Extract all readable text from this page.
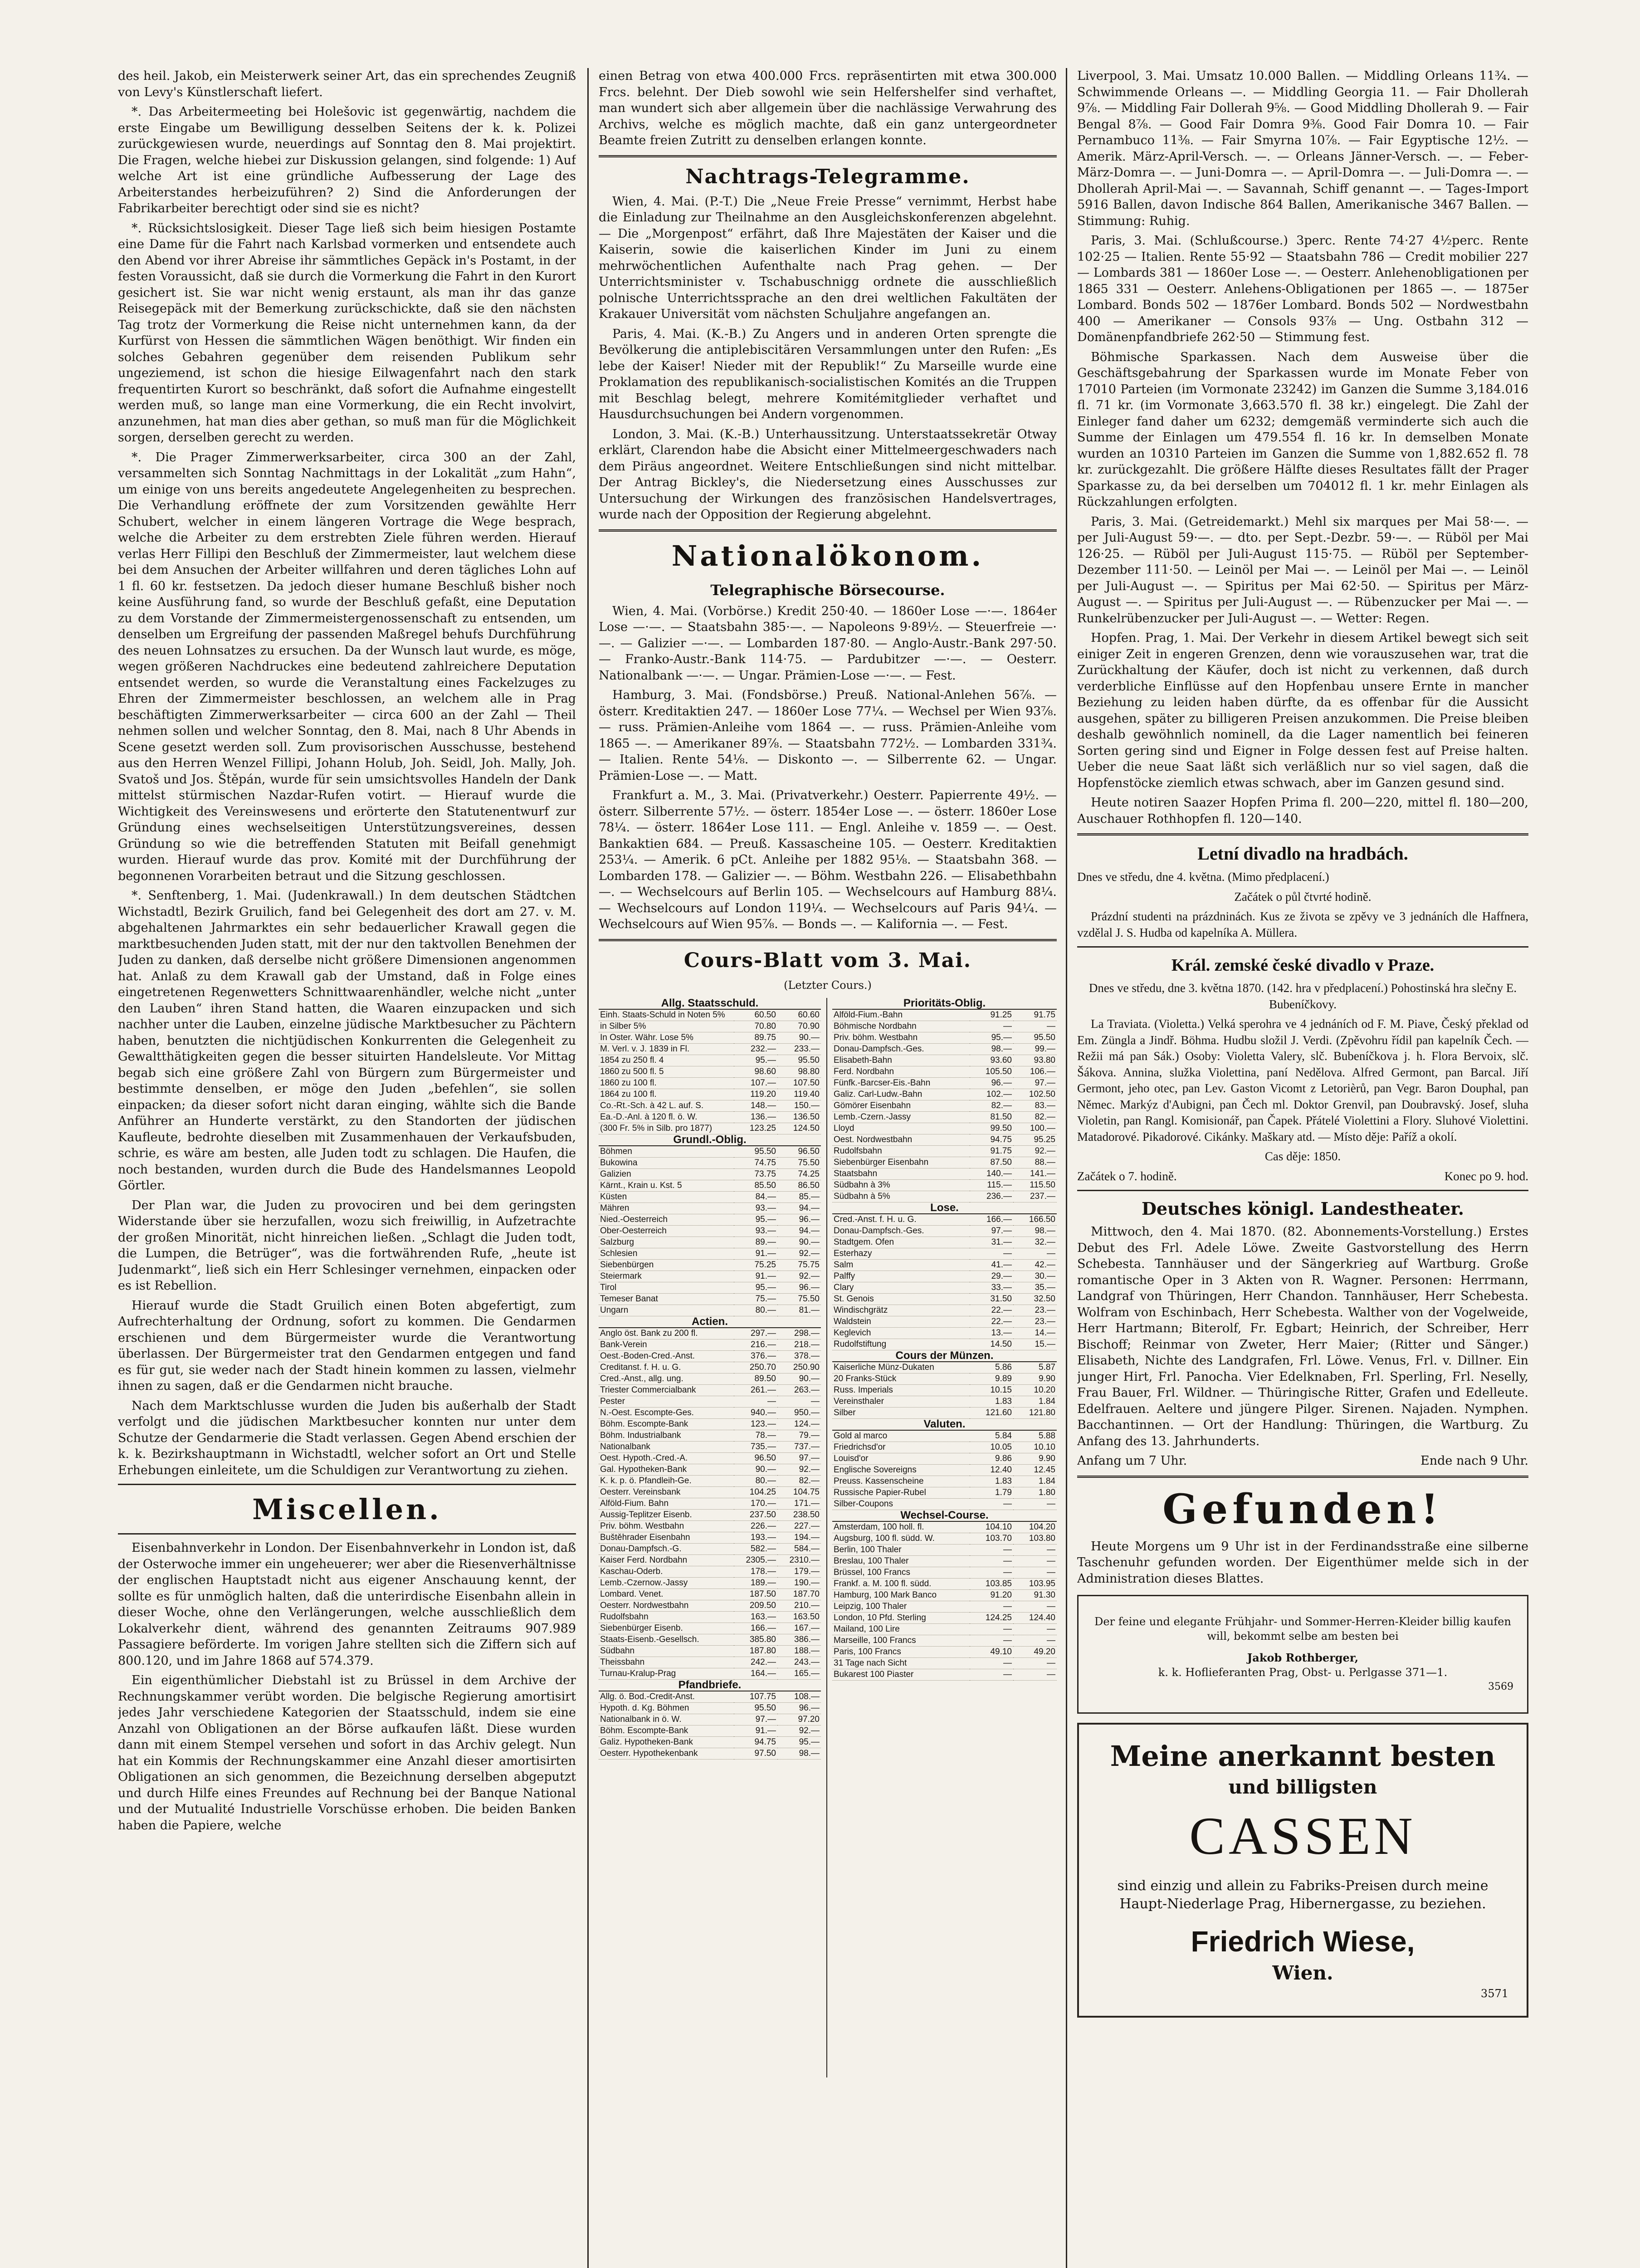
des heil. Jakob, ein Meisterwerk seiner Art, das ein sprechendes Zeugniß von Levy's Künstlerschaft liefert.

*. Das Arbeitermeeting bei Holešovic ist gegenwärtig, nachdem die erste Eingabe um Bewilligung desselben Seitens der k. k. Polizei zurückgewiesen wurde, neuerdings auf Sonntag den 8. Mai projektirt. Die Fragen, welche hiebei zur Diskussion gelangen, sind folgende: 1) Auf welche Art ist eine gründliche Aufbesserung der Lage des Arbeiterstandes herbeizuführen? 2) Sind die Anforderungen der Fabrikarbeiter berechtigt oder sind sie es nicht?

*. Rücksichtslosigkeit. Dieser Tage ließ sich beim hiesigen Postamte eine Dame für die Fahrt nach Karlsbad vormerken und entsendete auch den Abend vor ihrer Abreise ihr sämmtliches Gepäck in's Postamt, in der festen Voraussicht, daß sie durch die Vormerkung die Fahrt in den Kurort gesichert ist. Sie war nicht wenig erstaunt, als man ihr das ganze Reisegepäck mit der Bemerkung zurückschickte, daß sie den nächsten Tag trotz der Vormerkung die Reise nicht unternehmen kann, da der Kurfürst von Hessen die sämmtlichen Wägen benöthigt. Wir finden ein solches Gebahren gegenüber dem reisenden Publikum sehr ungeziemend, ist schon die hiesige Eilwagenfahrt nach den stark frequentirten Kurort so beschränkt, daß sofort die Aufnahme eingestellt werden muß, so lange man eine Vormerkung, die ein Recht involvirt, anzunehmen, hat man dies aber gethan, so muß man für die Möglichkeit sorgen, derselben gerecht zu werden.

*. Die Prager Zimmerwerksarbeiter, circa 300 an der Zahl, versammelten sich Sonntag Nachmittags in der Lokalität „zum Hahn“, um einige von uns bereits angedeutete Angelegenheiten zu besprechen. Die Verhandlung eröffnete der zum Vorsitzenden gewählte Herr Schubert, welcher in einem längeren Vortrage die Wege besprach, welche die Arbeiter zu dem erstrebten Ziele führen werden. Hierauf verlas Herr Fillipi den Beschluß der Zimmermeister, laut welchem diese bei dem Ansuchen der Arbeiter willfahren und deren tägliches Lohn auf 1 fl. 60 kr. festsetzen. Da jedoch dieser humane Beschluß bisher noch keine Ausführung fand, so wurde der Beschluß gefaßt, eine Deputation zu dem Vorstande der Zimmermeistergenossenschaft zu entsenden, um denselben um Ergreifung der passenden Maßregel behufs Durchführung des neuen Lohnsatzes zu ersuchen. Da der Wunsch laut wurde, es möge, wegen größeren Nachdruckes eine bedeutend zahlreichere Deputation entsendet werden, so wurde die Veranstaltung eines Fackelzuges zu Ehren der Zimmermeister beschlossen, an welchem alle in Prag beschäftigten Zimmerwerksarbeiter — circa 600 an der Zahl — Theil nehmen sollen und welcher Sonntag, den 8. Mai, nach 8 Uhr Abends in Scene gesetzt werden soll. Zum provisorischen Ausschusse, bestehend aus den Herren Wenzel Fillipi, Johann Holub, Joh. Seidl, Joh. Mally, Joh. Svatoš und Jos. Štěpán, wurde für sein umsichtsvolles Handeln der Dank mittelst stürmischen Nazdar-Rufen votirt. — Hierauf wurde die Wichtigkeit des Vereinswesens und erörterte den Statutenentwurf zur Gründung eines wechselseitigen Unterstützungsvereines, dessen Gründung so wie die betreffenden Statuten mit Beifall genehmigt wurden. Hierauf wurde das prov. Komité mit der Durchführung der begonnenen Vorarbeiten betraut und die Sitzung geschlossen.

*. Senftenberg, 1. Mai. (Judenkrawall.) In dem deutschen Städtchen Wichstadtl, Bezirk Gruilich, fand bei Gelegenheit des dort am 27. v. M. abgehaltenen Jahrmarktes ein sehr bedauerlicher Krawall gegen die marktbesuchenden Juden statt, mit der nur den taktvollen Benehmen der Juden zu danken, daß derselbe nicht größere Dimensionen angenommen hat. Anlaß zu dem Krawall gab der Umstand, daß in Folge eines eingetretenen Regenwetters Schnittwaarenhändler, welche nicht „unter den Lauben“ ihren Stand hatten, die Waaren einzupacken und sich nachher unter die Lauben, einzelne jüdische Marktbesucher zu Pächtern haben, benutzten die nichtjüdischen Konkurrenten die Gelegenheit zu Gewaltthätigkeiten gegen die besser situirten Handelsleute. Vor Mittag begab sich eine größere Zahl von Bürgern zum Bürgermeister und bestimmte denselben, er möge den Juden „befehlen“, sie sollen einpacken; da dieser sofort nicht daran einging, wählte sich die Bande Anführer an Hunderte verstärkt, zu den Standorten der jüdischen Kaufleute, bedrohte dieselben mit Zusammenhauen der Verkaufsbuden, schrie, es wäre am besten, alle Juden todt zu schlagen. Die Haufen, die noch bestanden, wurden durch die Bude des Handelsmannes Leopold Görtler.

Der Plan war, die Juden zu provociren und bei dem geringsten Widerstande über sie herzufallen, wozu sich freiwillig, in Aufzetrachte der großen Minorität, nicht hinreichen ließen. „Schlagt die Juden todt, die Lumpen, die Betrüger“, was die fortwährenden Rufe, „heute ist Judenmarkt“, ließ sich ein Herr Schlesinger vernehmen, einpacken oder es ist Rebellion.

Hierauf wurde die Stadt Gruilich einen Boten abgefertigt, zum Aufrechterhaltung der Ordnung, sofort zu kommen. Die Gendarmen erschienen und dem Bürgermeister wurde die Verantwortung überlassen. Der Bürgermeister trat den Gendarmen entgegen und fand es für gut, sie weder nach der Stadt hinein kommen zu lassen, vielmehr ihnen zu sagen, daß er die Gendarmen nicht brauche.

Nach dem Marktschlusse wurden die Juden bis außerhalb der Stadt verfolgt und die jüdischen Marktbesucher konnten nur unter dem Schutze der Gendarmerie die Stadt verlassen. Gegen Abend erschien der k. k. Bezirkshauptmann in Wichstadtl, welcher sofort an Ort und Stelle Erhebungen einleitete, um die Schuldigen zur Verantwortung zu ziehen.

Miscellen.

Eisenbahnverkehr in London. Der Eisenbahnverkehr in London ist, daß der Osterwoche immer ein ungeheuerer; wer aber die Riesenverhältnisse der englischen Hauptstadt nicht aus eigener Anschauung kennt, der sollte es für unmöglich halten, daß die unterirdische Eisenbahn allein in dieser Woche, ohne den Verlängerungen, welche ausschließlich dem Lokalverkehr dient, während des genannten Zeitraums 907.989 Passagiere beförderte. Im vorigen Jahre stellten sich die Ziffern sich auf 800.120, und im Jahre 1868 auf 574.379.

Ein eigenthümlicher Diebstahl ist zu Brüssel in dem Archive der Rechnungskammer verübt worden. Die belgische Regierung amortisirt jedes Jahr verschiedene Kategorien der Staatsschuld, indem sie eine Anzahl von Obligationen an der Börse aufkaufen läßt. Diese wurden dann mit einem Stempel versehen und sofort in das Archiv gelegt. Nun hat ein Kommis der Rechnungskammer eine Anzahl dieser amortisirten Obligationen an sich genommen, die Bezeichnung derselben abgeputzt und durch Hilfe eines Freundes auf Rechnung bei der Banque National und der Mutualité Industrielle Vorschüsse erhoben. Die beiden Banken haben die Papiere, welche

einen Betrag von etwa 400.000 Frcs. repräsentirten mit etwa 300.000 Frcs. belehnt. Der Dieb sowohl wie sein Helfershelfer sind verhaftet, man wundert sich aber allgemein über die nachlässige Verwahrung des Archivs, welche es möglich machte, daß ein ganz untergeordneter Beamte freien Zutritt zu denselben erlangen konnte.

Nachtrags-Telegramme.

Wien, 4. Mai. (P.-T.) Die „Neue Freie Presse“ vernimmt, Herbst habe die Einladung zur Theilnahme an den Ausgleichskonferenzen abgelehnt. — Die „Morgenpost“ erfährt, daß Ihre Majestäten der Kaiser und die Kaiserin, sowie die kaiserlichen Kinder im Juni zu einem mehrwöchentlichen Aufenthalte nach Prag gehen. — Der Unterrichtsminister v. Tschabuschnigg ordnete die ausschließlich polnische Unterrichtssprache an den drei weltlichen Fakultäten der Krakauer Universität vom nächsten Schuljahre angefangen an.

Paris, 4. Mai. (K.-B.) Zu Angers und in anderen Orten sprengte die Bevölkerung die antiplebiscitären Versammlungen unter den Rufen: „Es lebe der Kaiser! Nieder mit der Republik!“ Zu Marseille wurde eine Proklamation des republikanisch-socialistischen Komités an die Truppen mit Beschlag belegt, mehrere Komitémitglieder verhaftet und Hausdurchsuchungen bei Andern vorgenommen.

London, 3. Mai. (K.-B.) Unterhaussitzung. Unterstaatssekretär Otway erklärt, Clarendon habe die Absicht einer Mittelmeergeschwaders nach dem Piräus angeordnet. Weitere Entschließungen sind nicht mittelbar. Der Antrag Bickley's, die Niedersetzung eines Ausschusses zur Untersuchung der Wirkungen des französischen Handelsvertrages, wurde nach der Opposition der Regierung abgelehnt.

Nationalökonom.
Telegraphische Börsecourse.

Wien, 4. Mai. (Vorbörse.) Kredit 250·40. — 1860er Lose —·—. 1864er Lose —·—. — Staatsbahn 385·—. — Napoleons 9·89½. — Steuerfreie —·—. — Galizier —·—. — Lombarden 187·80. — Anglo-Austr.-Bank 297·50. — Franko-Austr.-Bank 114·75. — Pardubitzer —·—. — Oesterr. Nationalbank —·—. — Ungar. Prämien-Lose —·—. — Fest.

Hamburg, 3. Mai. (Fondsbörse.) Preuß. National-Anlehen 56⅞. — österr. Kreditaktien 247. — 1860er Lose 77¼. — Wechsel per Wien 93⅞. — russ. Prämien-Anleihe vom 1864 —. — russ. Prämien-Anleihe vom 1865 —. — Amerikaner 89⅞. — Staatsbahn 772½. — Lombarden 331¾. — Italien. Rente 54⅛. — Diskonto —. — Silberrente 62. — Ungar. Prämien-Lose —. — Matt.

Frankfurt a. M., 3. Mai. (Privatverkehr.) Oesterr. Papierrente 49½. — österr. Silberrente 57½. — österr. 1854er Lose —. — österr. 1860er Lose 78¼. — österr. 1864er Lose 111. — Engl. Anleihe v. 1859 —. — Oest. Bankaktien 684. — Preuß. Kassascheine 105. — Oesterr. Kreditaktien 253¼. — Amerik. 6 pCt. Anleihe per 1882 95⅛. — Staatsbahn 368. — Lombarden 178. — Galizier —. — Böhm. Westbahn 226. — Elisabethbahn —. — Wechselcours auf Berlin 105. — Wechselcours auf Hamburg 88¼. — Wechselcours auf London 119¼. — Wechselcours auf Paris 94¼. — Wechselcours auf Wien 95⅞. — Bonds —. — Kalifornia —. — Fest.

Cours-Blatt vom 3. Mai.
(Letzter Cours.)
Allg. Staatsschuld.		
Einh. Staats-Schuld in Noten 5%	60.50	60.60
in Silber 5%	70.80	70.90
In Oster. Währ. Lose 5%	89.75	90.—
M. Verl. v. J. 1839 in Fl.	232.—	233.—
1854 zu 250 fl. 4	95.—	95.50
1860 zu 500 fl. 5	98.60	98.80
1860 zu 100 fl.	107.—	107.50
1864 zu 100 fl.	119.20	119.40
Co.-Rt.-Sch. à 42 L. auf. S.	148.—	150.—
Ea.-D.-Anl. à 120 fl. ö. W.	136.—	136.50
(300 Fr. 5% in Silb. pro 1877)	123.25	124.50
Grundl.-Oblig.		
Böhmen	95.50	96.50
Bukowina	74.75	75.50
Galizien	73.75	74.25
Kärnt., Krain u. Kst. 5	85.50	86.50
Küsten	84.—	85.—
Mähren	93.—	94.—
Nied.-Oesterreich	95.—	96.—
Ober-Oesterreich	93.—	94.—
Salzburg	89.—	90.—
Schlesien	91.—	92.—
Siebenbürgen	75.25	75.75
Steiermark	91.—	92.—
Tirol	95.—	96.—
Temeser Banat	75.—	75.50
Ungarn	80.—	81.—
Actien.		
Anglo öst. Bank zu 200 fl.	297.—	298.—
Bank-Verein	216.—	218.—
Oest.-Boden-Cred.-Anst.	376.—	378.—
Creditanst. f. H. u. G.	250.70	250.90
Cred.-Anst., allg. ung.	89.50	90.—
Triester Commercialbank	261.—	263.—
Pester	—	—
N.-Oest. Escompte-Ges.	940.—	950.—
Böhm. Escompte-Bank	123.—	124.—
Böhm. Industrialbank	78.—	79.—
Nationalbank	735.—	737.—
Oest. Hypoth.-Cred.-A.	96.50	97.—
Gal. Hypotheken-Bank	90.—	92.—
K. k. p. ö. Pfandleih-Ge.	80.—	82.—
Oesterr. Vereinsbank	104.25	104.75
Alföld-Fium. Bahn	170.—	171.—
Aussig-Teplitzer Eisenb.	237.50	238.50
Priv. böhm. Westbahn	226.—	227.—
Buštěhrader Eisenbahn	193.—	194.—
Donau-Dampfsch.-G.	582.—	584.—
Kaiser Ferd. Nordbahn	2305.—	2310.—
Kaschau-Oderb.	178.—	179.—
Lemb.-Czernow.-Jassy	189.—	190.—
Lombard. Venet.	187.50	187.70
Oesterr. Nordwestbahn	209.50	210.—
Rudolfsbahn	163.—	163.50
Siebenbürger Eisenb.	166.—	167.—
Staats-Eisenb.-Gesellsch.	385.80	386.—
Südbahn	187.80	188.—
Theissbahn	242.—	243.—
Turnau-Kralup-Prag	164.—	165.—
Pfandbriefe.		
Allg. ö. Bod.-Credit-Anst.	107.75	108.—
Hypoth. d. Kg. Böhmen	95.50	96.—
Nationalbank in ö. W.	97.—	97.20
Böhm. Escompte-Bank	91.—	92.—
Galiz. Hypotheken-Bank	94.75	95.—
Oesterr. Hypothekenbank	97.50	98.—
Prioritäts-Oblig.		
Alföld-Fium.-Bahn	91.25	91.75
Böhmische Nordbahn	—	—
Priv. böhm. Westbahn	95.—	95.50
Donau-Dampfsch.-Ges.	98.—	99.—
Elisabeth-Bahn	93.60	93.80
Ferd. Nordbahn	105.50	106.—
Fünfk.-Barcser-Eis.-Bahn	96.—	97.—
Galiz. Carl-Ludw.-Bahn	102.—	102.50
Gömörer Eisenbahn	82.—	83.—
Lemb.-Czern.-Jassy	81.50	82.—
Lloyd	99.50	100.—
Oest. Nordwestbahn	94.75	95.25
Rudolfsbahn	91.75	92.—
Siebenbürger Eisenbahn	87.50	88.—
Staatsbahn	140.—	141.—
Südbahn à 3%	115.—	115.50
Südbahn à 5%	236.—	237.—
Lose.		
Cred.-Anst. f. H. u. G.	166.—	166.50
Donau-Dampfsch.-Ges.	97.—	98.—
Stadtgem. Ofen	31.—	32.—
Esterhazy	—	—
Salm	41.—	42.—
Palffy	29.—	30.—
Clary	33.—	35.—
St. Genois	31.50	32.50
Windischgrätz	22.—	23.—
Waldstein	22.—	23.—
Keglevich	13.—	14.—
Rudolfstiftung	14.50	15.—
Cours der Münzen.		
Kaiserliche Münz-Dukaten	5.86	5.87
20 Franks-Stück	9.89	9.90
Russ. Imperials	10.15	10.20
Vereinsthaler	1.83	1.84
Silber	121.60	121.80
Valuten.		
Gold al marco	5.84	5.88
Friedrichsd'or	10.05	10.10
Louisd'or	9.86	9.90
Englische Sovereigns	12.40	12.45
Preuss. Kassenscheine	1.83	1.84
Russische Papier-Rubel	1.79	1.80
Silber-Coupons	—	—
Wechsel-Course.		
Amsterdam, 100 holl. fl.	104.10	104.20
Augsburg, 100 fl. südd. W.	103.70	103.80
Berlin, 100 Thaler	—	—
Breslau, 100 Thaler	—	—
Brüssel, 100 Francs	—	—
Frankf. a. M. 100 fl. südd.	103.85	103.95
Hamburg, 100 Mark Banco	91.20	91.30
Leipzig, 100 Thaler	—	—
London, 10 Pfd. Sterling	124.25	124.40
Mailand, 100 Lire	—	—
Marseille, 100 Francs	—	—
Paris, 100 Francs	49.10	49.20
31 Tage nach Sicht	—	—
Bukarest 100 Piaster	—	—

Liverpool, 3. Mai. Umsatz 10.000 Ballen. — Middling Orleans 11¾. — Schwimmende Orleans —. — Middling Georgia 11. — Fair Dhollerah 9⅞. — Middling Fair Dollerah 9⅝. — Good Middling Dhollerah 9. — Fair Bengal 8⅞. — Good Fair Domra 9⅜. Good Fair Domra 10. — Fair Pernambuco 11⅜. — Fair Smyrna 10⅞. — Fair Egyptische 12½. — Amerik. März-April-Versch. —. — Orleans Jänner-Versch. —. — Feber-März-Domra —. — Juni-Domra —. — April-Domra —. — Juli-Domra —. — Dhollerah April-Mai —. — Savannah, Schiff genannt —. — Tages-Import 5916 Ballen, davon Indische 864 Ballen, Amerikanische 3467 Ballen. — Stimmung: Ruhig.

Paris, 3. Mai. (Schlußcourse.) 3perc. Rente 74·27 4½perc. Rente 102·25 — Italien. Rente 55·92 — Staatsbahn 786 — Credit mobilier 227 — Lombards 381 — 1860er Lose —. — Oesterr. Anlehenobligationen per 1865 331 — Oesterr. Anlehens-Obligationen per 1865 —. — 1875er Lombard. Bonds 502 — 1876er Lombard. Bonds 502 — Nordwestbahn 400 — Amerikaner — Consols 93⅞ — Ung. Ostbahn 312 — Domänenpfandbriefe 262·50 — Stimmung fest.

Böhmische Sparkassen. Nach dem Ausweise über die Geschäftsgebahrung der Sparkassen wurde im Monate Feber von 17010 Parteien (im Vormonate 23242) im Ganzen die Summe 3,184.016 fl. 71 kr. (im Vormonate 3,663.570 fl. 38 kr.) eingelegt. Die Zahl der Einleger fand daher um 6232; demgemäß verminderte sich auch die Summe der Einlagen um 479.554 fl. 16 kr. In demselben Monate wurden an 10310 Parteien im Ganzen die Summe von 1,882.652 fl. 78 kr. zurückgezahlt. Die größere Hälfte dieses Resultates fällt der Prager Sparkasse zu, da bei derselben um 704012 fl. 1 kr. mehr Einlagen als Rückzahlungen erfolgten.

Paris, 3. Mai. (Getreidemarkt.) Mehl six marques per Mai 58·—. — per Juli-August 59·—. — dto. per Sept.-Dezbr. 59·—. — Rüböl per Mai 126·25. — Rüböl per Juli-August 115·75. — Rüböl per September-Dezember 111·50. — Leinöl per Mai —. — Leinöl per Mai —. — Leinöl per Juli-August —. — Spiritus per Mai 62·50. — Spiritus per März-August —. — Spiritus per Juli-August —. — Rübenzucker per Mai —. — Runkelrübenzucker per Juli-August —. — Wetter: Regen.

Hopfen. Prag, 1. Mai. Der Verkehr in diesem Artikel bewegt sich seit einiger Zeit in engeren Grenzen, denn wie vorauszusehen war, trat die Zurückhaltung der Käufer, doch ist nicht zu verkennen, daß durch verderbliche Einflüsse auf den Hopfenbau unsere Ernte in mancher Beziehung zu leiden haben dürfte, da es offenbar für die Aussicht ausgehen, später zu billigeren Preisen anzukommen. Die Preise bleiben deshalb gewöhnlich nominell, da die Lager namentlich bei feineren Sorten gering sind und Eigner in Folge dessen fest auf Preise halten. Ueber die neue Saat läßt sich verläßlich nur so viel sagen, daß die Hopfenstöcke ziemlich etwas schwach, aber im Ganzen gesund sind.

Heute notiren Saazer Hopfen Prima fl. 200—220, mittel fl. 180—200, Auschauer Rothhopfen fl. 120—140.

Letní divadlo na hradbách.

Dnes ve středu, dne 4. května. (Mimo předplacení.)

Začátek o půl čtvrté hodině.

Prázdní studenti na prázdninách. Kus ze života se zpěvy ve 3 jednáních dle Haffnera, vzdělal J. S. Hudba od kapelníka A. Müllera.

Král. zemské české divadlo v Praze.

Dnes ve středu, dne 3. května 1870. (142. hra v předplacení.) Pohostinská hra slečny E. Bubeníčkovy.

La Traviata. (Violetta.) Velká sperohra ve 4 jednáních od F. M. Piave, Český překlad od Em. Züngla a Jindř. Böhma. Hudbu složil J. Verdi. (Zpěvohru řídil pan kapelník Čech. — Režii má pan Sák.) Osoby: Violetta Valery, slč. Bubeníčkova j. h. Flora Bervoix, slč. Šákova. Annina, služka Violettina, paní Nedělova. Alfred Germont, pan Barcal. Jiří Germont, jeho otec, pan Lev. Gaston Vicomt z Letorièrů, pan Vegr. Baron Douphal, pan Němec. Markýz d'Aubigni, pan Čech ml. Doktor Grenvil, pan Doubravský. Josef, sluha Violetin, pan Rangl. Komisionář, pan Čapek. Přátelé Violettini a Flory. Sluhové Violettini. Matadorové. Pikadorové. Cikánky. Maškary atd. — Místo děje: Paříž a okolí.

Cas děje: 1850.

Začátek o 7. hodině.	Konec po 9. hod.

Deutsches königl. Landestheater.

Mittwoch, den 4. Mai 1870. (82. Abonnements-Vorstellung.) Erstes Debut des Frl. Adele Löwe. Zweite Gastvorstellung des Herrn Schebesta. Tannhäuser und der Sängerkrieg auf Wartburg. Große romantische Oper in 3 Akten von R. Wagner. Personen: Herrmann, Landgraf von Thüringen, Herr Chandon. Tannhäuser, Herr Schebesta. Wolfram von Eschinbach, Herr Schebesta. Walther von der Vogelweide, Herr Hartmann; Biterolf, Fr. Egbart; Heinrich, der Schreiber, Herr Bischoff; Reinmar von Zweter, Herr Maier; (Ritter und Sänger.) Elisabeth, Nichte des Landgrafen, Frl. Löwe. Venus, Frl. v. Dillner. Ein junger Hirt, Frl. Panocha. Vier Edelknaben, Frl. Sperling, Frl. Neselly, Frau Bauer, Frl. Wildner. — Thüringische Ritter, Grafen und Edelleute. Edelfrauen. Aeltere und jüngere Pilger. Sirenen. Najaden. Nymphen. Bacchantinnen. — Ort der Handlung: Thüringen, die Wartburg. Zu Anfang des 13. Jahrhunderts.

Anfang um 7 Uhr.	Ende nach 9 Uhr.

Gefunden!

Heute Morgens um 9 Uhr ist in der Ferdinandsstraße eine silberne Taschenuhr gefunden worden. Der Eigenthümer melde sich in der Administration dieses Blattes.

Der feine und elegante Frühjahr- und Sommer-Herren-Kleider billig kaufen will, bekommt selbe am besten bei
Jakob Rothberger,
k. k. Hoflieferanten Prag, Obst- u. Perlgasse 371—1.
3569
Meine anerkannt besten
und billigsten
CASSEN
sind einzig und allein zu Fabriks-Preisen durch meine Haupt-Niederlage Prag, Hibernergasse, zu beziehen.
Friedrich Wiese,
Wien.
3571
